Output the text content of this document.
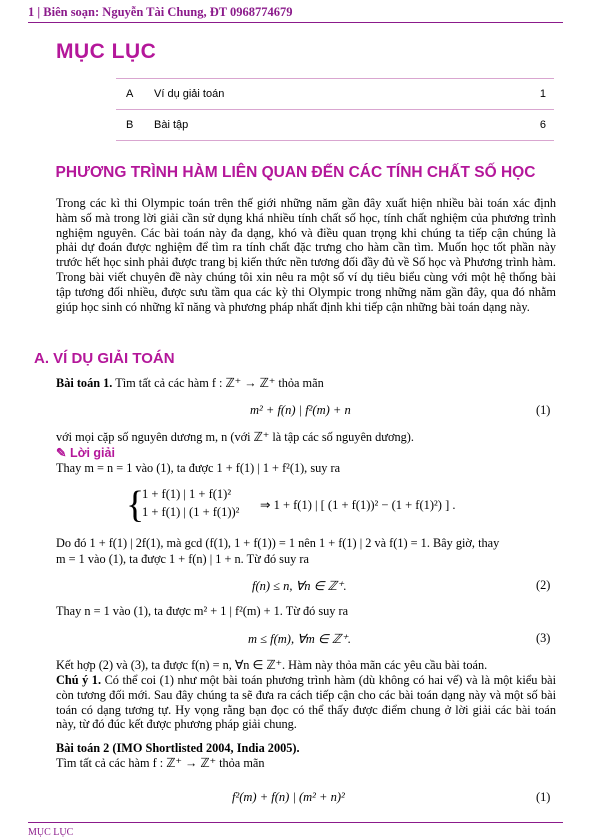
1 | Biên soạn: Nguyễn Tài Chung, ĐT 0968774679
MỤC LỤC
A	Ví dụ giải toán	1
B	Bài tập	6
PHƯƠNG TRÌNH HÀM LIÊN QUAN ĐẾN CÁC TÍNH CHẤT SỐ HỌC
Trong các kì thi Olympic toán trên thế giới những năm gần đây xuất hiện nhiều bài toán xác định hàm số mà trong lời giải cần sử dụng khá nhiều tính chất số học, tính chất nghiệm của phương trình nghiệm nguyên. Các bài toán này đa dạng, khó và điều quan trọng khi chúng ta tiếp cận chúng là phải dự đoán được nghiệm để tìm ra tính chất đặc trưng cho hàm cần tìm. Muốn học tốt phần này trước hết học sinh phải được trang bị kiến thức nền tương đối đầy đủ về Số học và Phương trình hàm. Trong bài viết chuyên đề này chúng tôi xin nêu ra một số ví dụ tiêu biểu cùng với một hệ thống bài tập tương đối nhiều, được sưu tầm qua các kỳ thi Olympic trong những năm gần đây, qua đó nhằm giúp học sinh có những kĩ năng và phương pháp nhất định khi tiếp cận những bài toán dạng này.
A. VÍ DỤ GIẢI TOÁN
Bài toán 1. Tìm tất cả các hàm f : ℤ⁺ → ℤ⁺ thỏa mãn
m² + f(n) | f²(m) + n	(1)
với mọi cặp số nguyên dương m, n (với ℤ⁺ là tập các số nguyên dương).
✎ Lời giải
Thay m = n = 1 vào (1), ta được 1 + f(1) | 1 + f²(1), suy ra
{
1 + f(1) | 1 + f(1)²
1 + f(1) | (1 + f(1))² ⇒ 1 + f(1) | [ (1 + f(1))² − (1 + f(1)²) ] .
Do đó 1 + f(1) | 2f(1), mà gcd (f(1), 1 + f(1)) = 1 nên 1 + f(1) | 2 và f(1) = 1. Bây giờ, thay
m = 1 vào (1), ta được 1 + f(n) | 1 + n. Từ đó suy ra
f(n) ≤ n, ∀n ∈ ℤ⁺.	(2)
Thay n = 1 vào (1), ta được m² + 1 | f²(m) + 1. Từ đó suy ra
m ≤ f(m), ∀m ∈ ℤ⁺.	(3)
Kết hợp (2) và (3), ta được f(n) = n, ∀n ∈ ℤ⁺. Hàm này thỏa mãn các yêu cầu bài toán.
Chú ý 1. Có thể coi (1) như một bài toán phương trình hàm (dù không có hai vế) và là một kiểu bài còn tương đối mới. Sau đây chúng ta sẽ đưa ra cách tiếp cận cho các bài toán dạng này và một số bài toán có dạng tương tự. Hy vọng rằng bạn đọc có thể thấy được điểm chung ở lời giải các bài toán này, từ đó đúc kết được phương pháp giải chung.
Bài toán 2 (IMO Shortlisted 2004, India 2005).
Tìm tất cả các hàm f : ℤ⁺ → ℤ⁺ thỏa mãn
f²(m) + f(n) | (m² + n)²	(1)
MỤC LỤC
